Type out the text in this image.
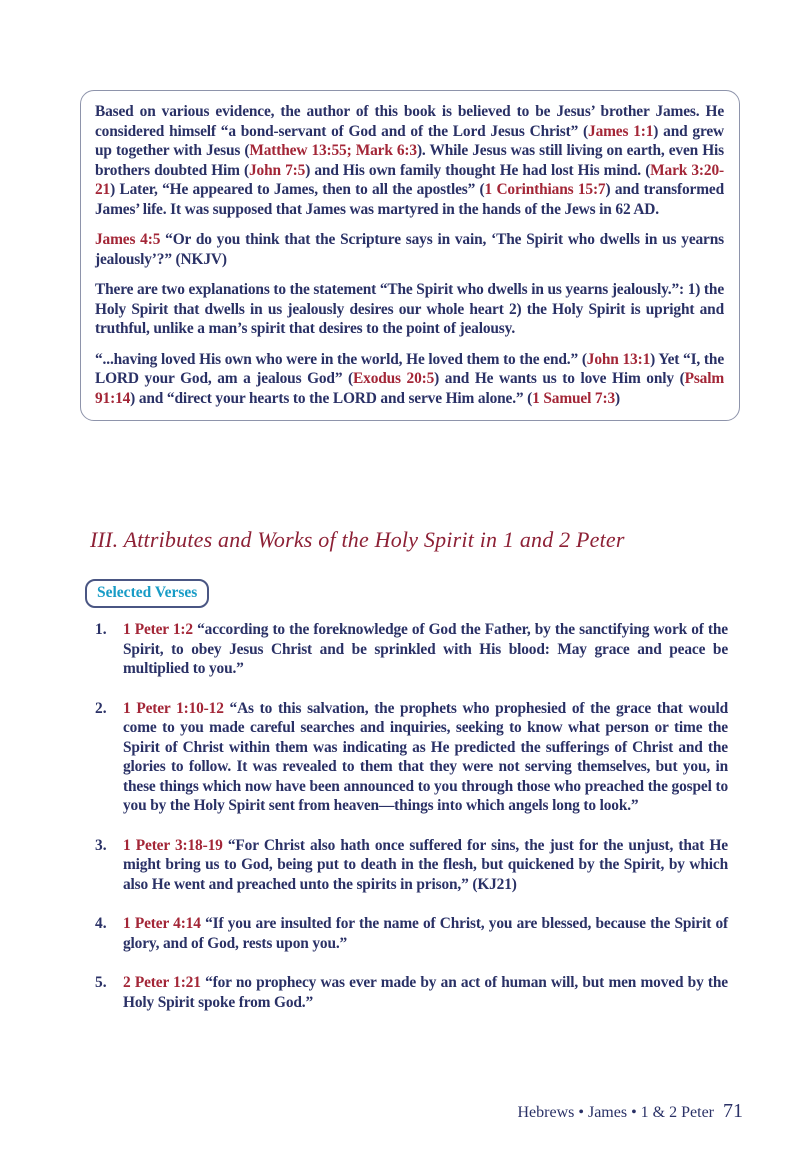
Based on various evidence, the author of this book is believed to be Jesus’ brother James. He considered himself “a bond-servant of God and of the Lord Jesus Christ” (James 1:1) and grew up together with Jesus (Matthew 13:55; Mark 6:3). While Jesus was still living on earth, even His brothers doubted Him (John 7:5) and His own family thought He had lost His mind. (Mark 3:20-21) Later, “He appeared to James, then to all the apostles” (1 Corinthians 15:7) and transformed James’ life. It was supposed that James was martyred in the hands of the Jews in 62 AD.

James 4:5 “Or do you think that the Scripture says in vain, ‘The Spirit who dwells in us yearns jealously’?” (NKJV)

There are two explanations to the statement “The Spirit who dwells in us yearns jealously.”: 1) the Holy Spirit that dwells in us jealously desires our whole heart 2) the Holy Spirit is upright and truthful, unlike a man’s spirit that desires to the point of jealousy.

“...having loved His own who were in the world, He loved them to the end.” (John 13:1) Yet “I, the LORD your God, am a jealous God” (Exodus 20:5) and He wants us to love Him only (Psalm 91:14) and “direct your hearts to the LORD and serve Him alone.” (1 Samuel 7:3)

III. Attributes and Works of the Holy Spirit in 1 and 2 Peter
Selected Verses
1.	1 Peter 1:2 “according to the foreknowledge of God the Father, by the sanctifying work of the Spirit, to obey Jesus Christ and be sprinkled with His blood: May grace and peace be multiplied to you.”
2.	1 Peter 1:10-12 “As to this salvation, the prophets who prophesied of the grace that would come to you made careful searches and inquiries, seeking to know what person or time the Spirit of Christ within them was indicating as He predicted the sufferings of Christ and the glories to follow. It was revealed to them that they were not serving themselves, but you, in these things which now have been announced to you through those who preached the gospel to you by the Holy Spirit sent from heaven—things into which angels long to look.”
3.	1 Peter 3:18-19 “For Christ also hath once suffered for sins, the just for the unjust, that He might bring us to God, being put to death in the flesh, but quickened by the Spirit, by which also He went and preached unto the spirits in prison,” (KJ21)
4.	1 Peter 4:14 “If you are insulted for the name of Christ, you are blessed, because the Spirit of glory, and of God, rests upon you.”
5.	2 Peter 1:21 “for no prophecy was ever made by an act of human will, but men moved by the Holy Spirit spoke from God.”
Hebrews • James • 1 & 2 Peter 71
